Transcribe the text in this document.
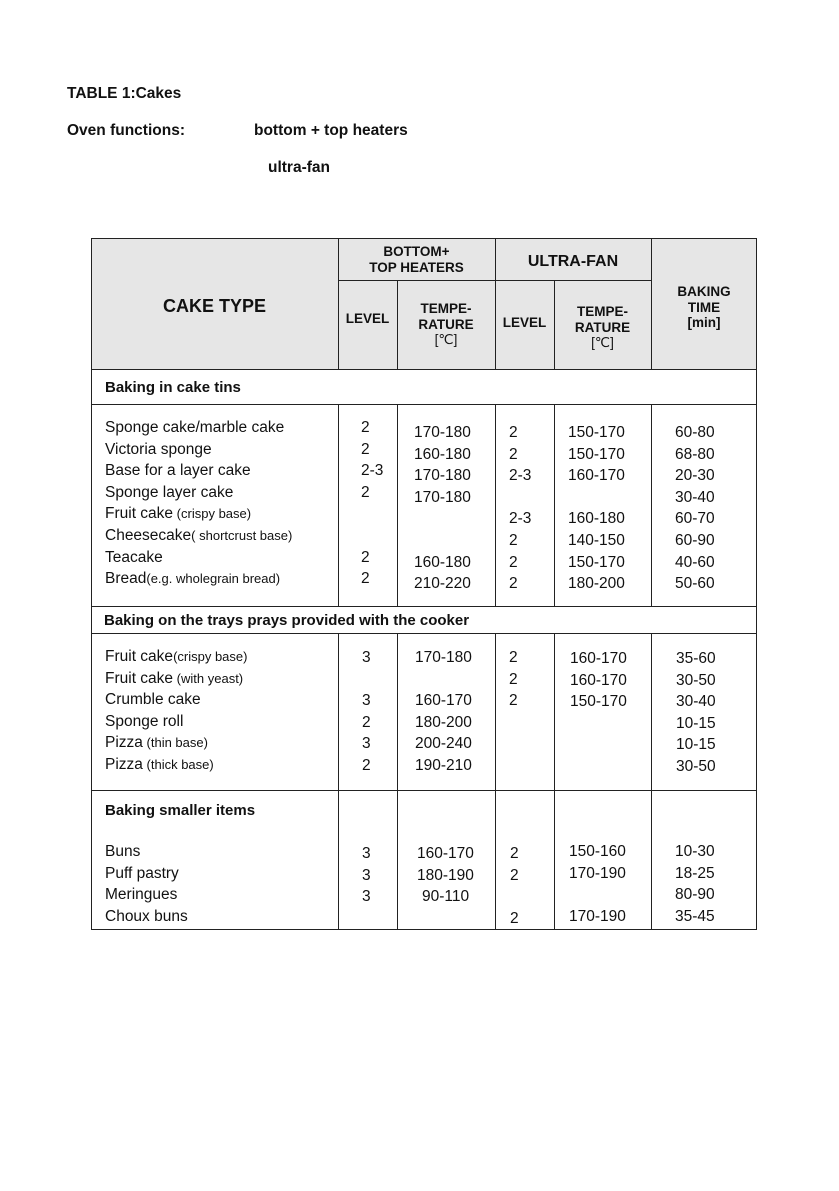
TABLE 1:Cakes
Oven functions:	bottom + top heaters
ultra-fan
CAKE TYPE
BOTTOM+
TOP HEATERS	ULTRA-FAN
LEVEL
TEMPE-
RATURE
[℃]
LEVEL
TEMPE-
RATURE
[℃]
BAKING
TIME
[min]
Baking in cake tins
Baking on the trays prays provided with the cooker
Baking smaller items
Sponge cake/marble cake
Victoria sponge
Base for a layer cake
Sponge layer cake
Fruit cake (crispy base)
Cheesecake( shortcrust base)
Teacake
Bread(e.g. wholegrain bread)
2
2
2-3
2
2
2
170-180
160-180
170-180
170-180
160-180
210-220
2
2
2-3
2-3
2
2
2
150-170
150-170
160-170
160-180
140-150
150-170
180-200
60-80
68-80
20-30
30-40
60-70
60-90
40-60
50-60
Fruit cake(crispy base)
Fruit cake (with yeast)
Crumble cake
Sponge roll
Pizza (thin base)
Pizza (thick base)
3
3
2
3
2
170-180
160-170
180-200
200-240
190-210
2
2
2
160-170
160-170
150-170
35-60
30-50
30-40
10-15
10-15
30-50
Buns
Puff pastry
Meringues
Choux buns
3
3
3
160-170
180-190
90-110
2
2
2
150-160
170-190
170-190
10-30
18-25
80-90
35-45
